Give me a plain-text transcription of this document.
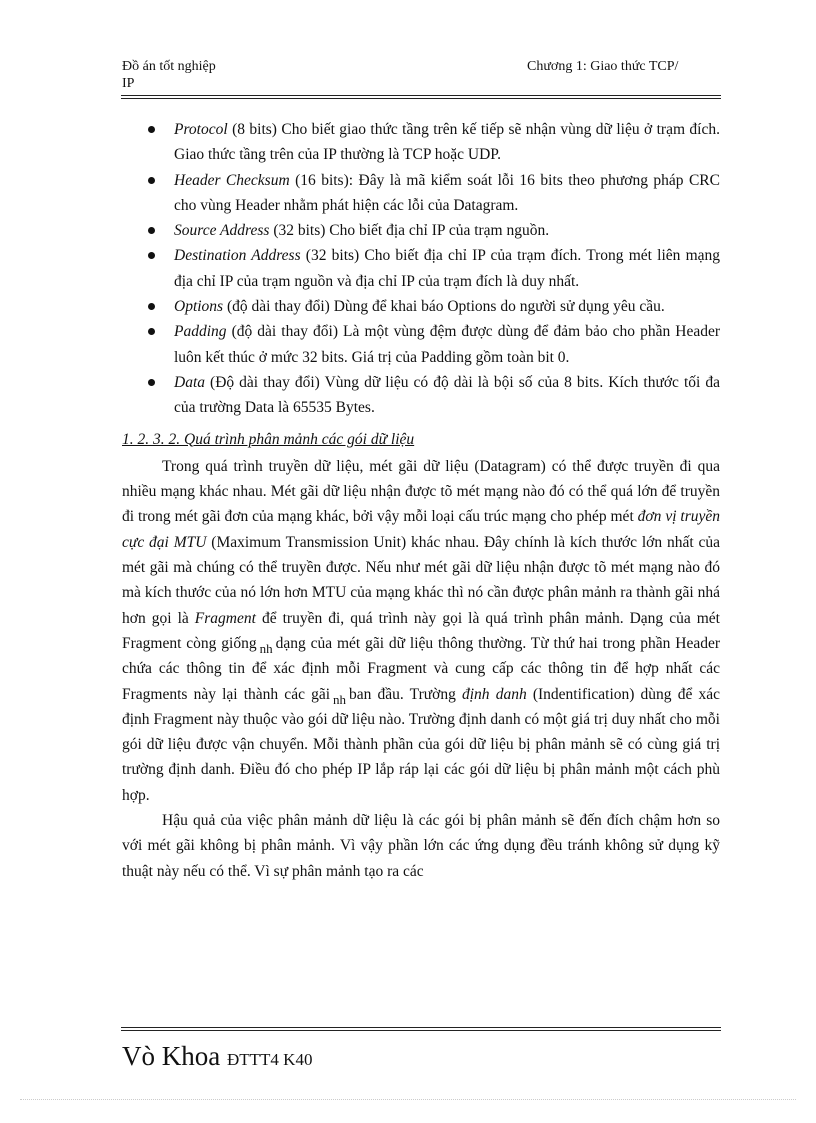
Đồ án tốt nghiệp
IP
Chương 1: Giao thức TCP/
Protocol (8 bits) Cho biết giao thức tầng trên kế tiếp sẽ nhận vùng dữ liệu ở trạm đích. Giao thức tầng trên của IP thường là TCP hoặc UDP.
Header Checksum (16 bits): Đây là mã kiểm soát lỗi 16 bits theo phương pháp CRC cho vùng Header nhằm phát hiện các lỗi của Datagram.
Source Address (32 bits) Cho biết địa chỉ IP của trạm nguồn.
Destination Address (32 bits) Cho biết địa chỉ IP của trạm đích. Trong mét liên mạng địa chỉ IP của trạm nguồn và địa chỉ IP của trạm đích là duy nhất.
Options (độ dài thay đổi) Dùng để khai báo Options do người sử dụng yêu cầu.
Padding (độ dài thay đổi) Là một vùng đệm được dùng để đảm bảo cho phần Header luôn kết thúc ở mức 32 bits. Giá trị của Padding gồm toàn bit 0.
Data (Độ dài thay đổi) Vùng dữ liệu có độ dài là bội số của 8 bits. Kích thước tối đa của trường Data là 65535 Bytes.
1. 2. 3. 2. Quá trình phân mảnh các gói dữ liệu

Trong quá trình truyền dữ liệu, mét gãi dữ liệu (Datagram) có thể được truyền đi qua nhiều mạng khác nhau. Mét gãi dữ liệu nhận được tõ mét mạng nào đó có thể quá lớn để truyền đi trong mét gãi đơn của mạng khác, bởi vậy mỗi loại cấu trúc mạng cho phép mét đơn vị truyền cực đại MTU (Maximum Transmission Unit) khác nhau. Đây chính là kích thước lớn nhất của mét gãi mà chúng có thể truyền được. Nếu như mét gãi dữ liệu nhận được tõ mét mạng nào đó mà kích thước của nó lớn hơn MTU của mạng khác thì nó cần được phân mảnh ra thành gãi nhá hơn gọi là Fragment để truyền đi, quá trình này gọi là quá trình phân mảnh. Dạng của mét Fragment còng giống $_{nh}$ dạng của mét gãi dữ liệu thông thường. Từ thứ hai trong phần Header chứa các thông tin để xác định mỗi Fragment và cung cấp các thông tin để hợp nhất các Fragments này lại thành các gãi $_{nh}$ ban đầu. Trường định danh (Indentification) dùng để xác định Fragment này thuộc vào gói dữ liệu nào. Trường định danh có một giá trị duy nhất cho mỗi gói dữ liệu được vận chuyển. Mỗi thành phần của gói dữ liệu bị phân mảnh sẽ có cùng giá trị trường định danh. Điều đó cho phép IP lắp ráp lại các gói dữ liệu bị phân mảnh một cách phù hợp.

Hậu quả của việc phân mảnh dữ liệu là các gói bị phân mảnh sẽ đến đích chậm hơn so với mét gãi không bị phân mảnh. Vì vậy phần lớn các ứng dụng đều tránh không sử dụng kỹ thuật này nếu có thể. Vì sự phân mảnh tạo ra các

Vò Khoa ĐTTT4 K40
